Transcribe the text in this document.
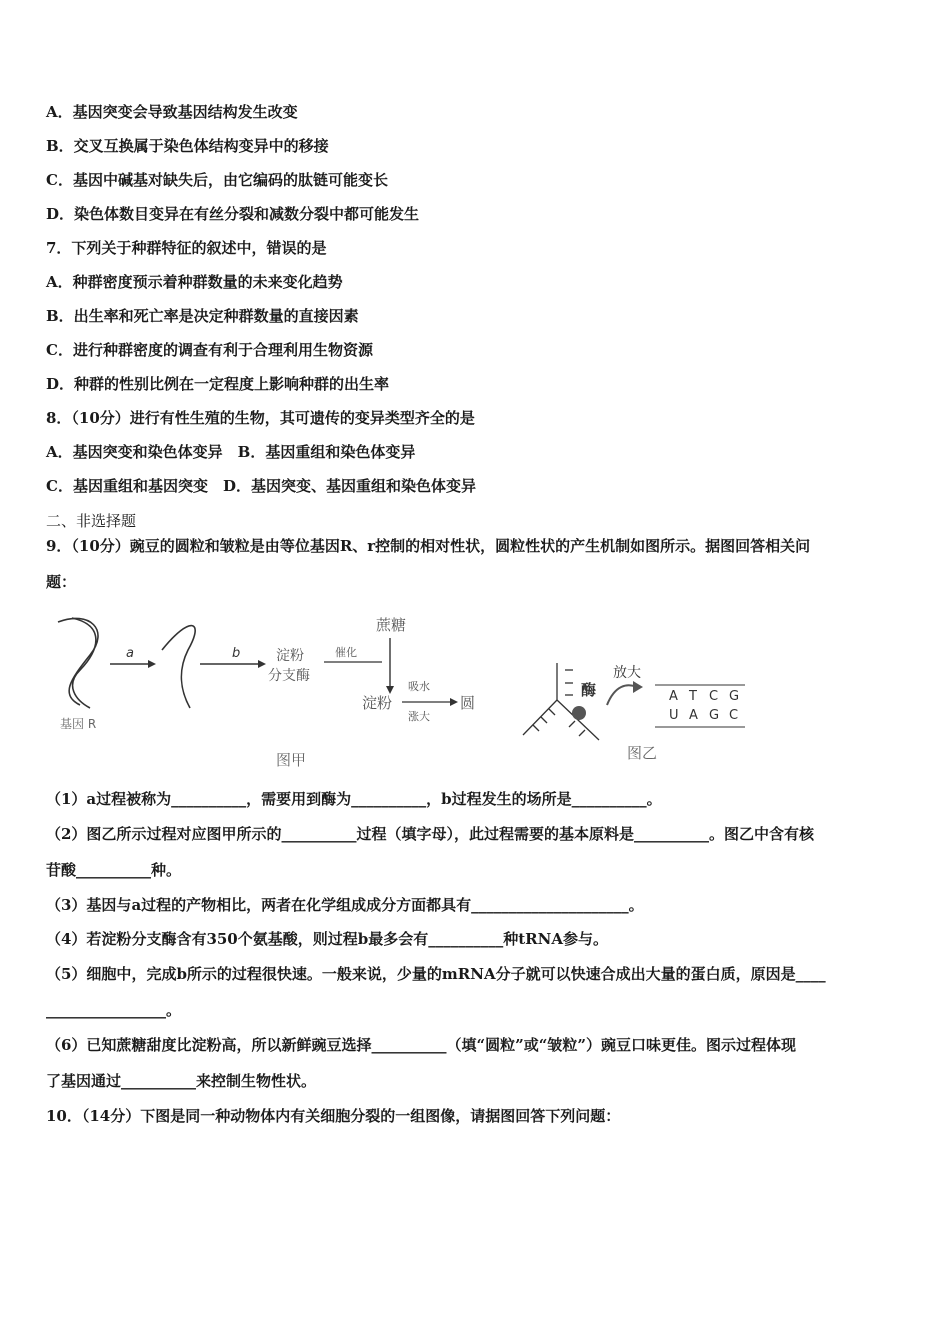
A．基因突变会导致基因结构发生改变
B．交叉互换属于染色体结构变异中的移接
C．基因中碱基对缺失后，由它编码的肽链可能变长
D．染色体数目变异在有丝分裂和减数分裂中都可能发生
7．下列关于种群特征的叙述中，错误的是
A．种群密度预示着种群数量的未来变化趋势
B．出生率和死亡率是决定种群数量的直接因素
C．进行种群密度的调查有利于合理利用生物资源
D．种群的性别比例在一定程度上影响种群的出生率
8．（10分）进行有性生殖的生物，其可遗传的变异类型齐全的是
A．基因突变和染色体变异　B．基因重组和染色体变异
C．基因重组和基因突变　D．基因突变、基因重组和染色体变异
二、非选择题
9．（10分）豌豆的圆粒和皱粒是由等位基因R、r控制的相对性状，圆粒性状的产生机制如图所示。据图回答相关问
题：
a	b	淀粉
分支酶
催化
蔗糖
淀粉
吸水
涨大
圆
基因 R
图甲
酶
放大
A T C G
U A G C
图乙
（1）a过程被称为__________，需要用到酶为__________，b过程发生的场所是__________。
（2）图乙所示过程对应图甲所示的__________过程（填字母），此过程需要的基本原料是__________。图乙中含有核
苷酸__________种。
（3）基因与a过程的产物相比，两者在化学组成成分方面都具有_____________________。
（4）若淀粉分支酶含有350个氨基酸，则过程b最多会有__________种tRNA参与。
（5）细胞中，完成b所示的过程很快速。一般来说，少量的mRNA分子就可以快速合成出大量的蛋白质，原因是____
________________。
（6）已知蔗糖甜度比淀粉高，所以新鲜豌豆选择__________（填“圆粒”或“皱粒”）豌豆口味更佳。图示过程体现
了基因通过__________来控制生物性状。
10．（14分）下图是同一种动物体内有关细胞分裂的一组图像，请据图回答下列问题：
